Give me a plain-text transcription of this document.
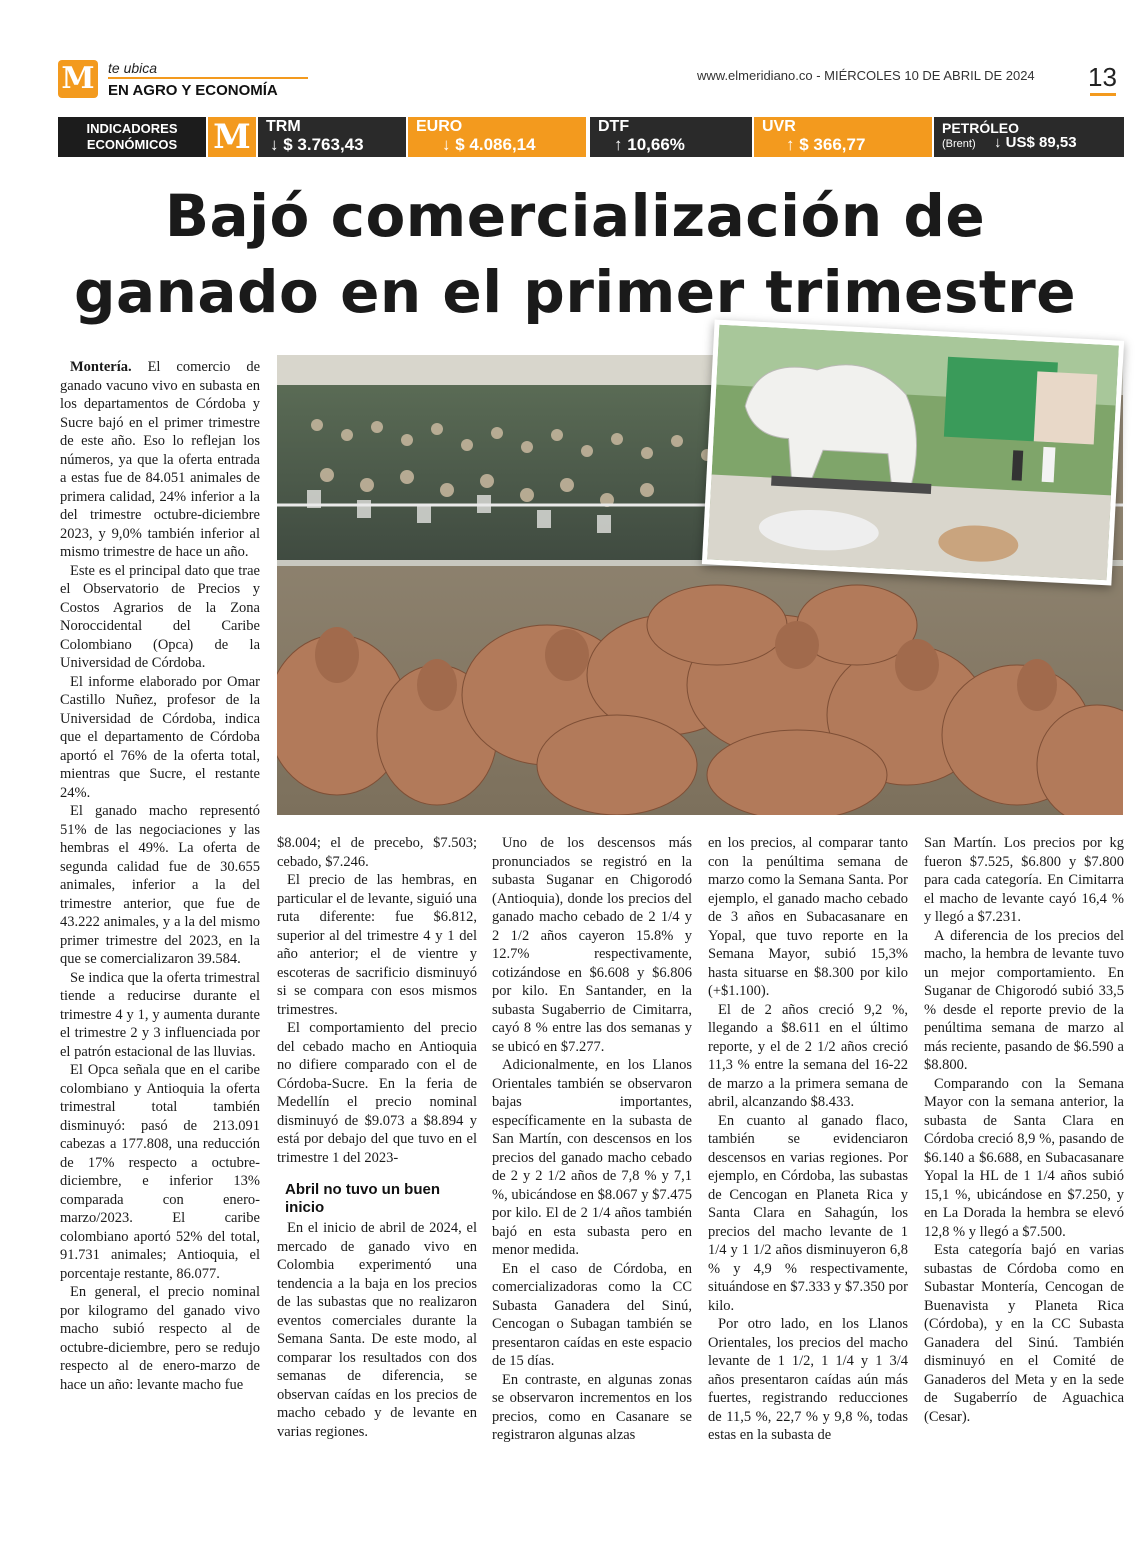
M te ubica
EN AGRO Y ECONOMÍA
www.elmeridiano.co - MIÉRCOLES 10 DE ABRIL DE 2024 13
INDICADORES ECONÓMICOS	M TRM
↓ $ 3.763,43
EURO
↓ $ 4.086,14
DTF
↑ 10,66%
UVR
↑ $ 366,77
PETRÓLEO
(Brent) ↓ US$ 89,53
Bajó comercialización de ganado en el primer trimestre

Montería. El comercio de ganado vacuno vivo en subasta en los departamentos de Córdoba y Sucre bajó en el primer trimestre de este año. Eso lo reflejan los números, ya que la oferta entrada a estas fue de 84.051 animales de primera calidad, 24% inferior a la del trimestre octubre-diciembre 2023, y 9,0% también inferior al mismo trimestre de hace un año.

Este es el principal dato que trae el Observatorio de Precios y Costos Agrarios de la Zona Noroccidental del Caribe Colombiano (Opca) de la Universidad de Córdoba.

El informe elaborado por Omar Castillo Nuñez, profesor de la Universidad de Córdoba, indica que el departamento de Córdoba aportó el 76% de la oferta total, mientras que Sucre, el restante 24%.

El ganado macho representó 51% de las negociaciones y las hembras el 49%. La oferta de segunda calidad fue de 30.655 animales, inferior a la del trimestre anterior, que fue de 43.222 animales, y a la del mismo primer trimestre del 2023, en la que se comercializaron 39.584.

Se indica que la oferta trimestral tiende a reducirse durante el trimestre 4 y 1, y aumenta durante el trimestre 2 y 3 influenciada por el patrón estacional de las lluvias.

El Opca señala que en el caribe colombiano y Antioquia la oferta trimestral total también disminuyó: pasó de 213.091 cabezas a 177.808, una reducción de 17% respecto a octubre-diciembre, e inferior 13% comparada con enero-marzo/2023. El caribe colombiano aportó 52% del total, 91.731 animales; Antioquia, el porcentaje restante, 86.077.

En general, el precio nominal por kilogramo del ganado vivo macho subió respecto al de octubre-diciembre, pero se redujo respecto al de enero-marzo de hace un año: levante macho fue

$8.004; el de precebo, $7.503; cebado, $7.246.

El precio de las hembras, en particular el de levante, siguió una ruta diferente: fue $6.812, superior al del trimestre 4 y 1 del año anterior; el de vientre y escoteras de sacrificio disminuyó si se compara con esos mismos trimestres.

El comportamiento del precio del cebado macho en Antioquia no difiere comparado con el de Córdoba-Sucre. En la feria de Medellín el precio nominal disminuyó de $9.073 a $8.894 y está por debajo del que tuvo en el trimestre 1 del 2023-

Abril no tuvo un buen inicio

En el inicio de abril de 2024, el mercado de ganado vivo en Colombia experimentó una tendencia a la baja en los precios de las subastas que no realizaron eventos comerciales durante la Semana Santa. De este modo, al comparar los resultados con dos semanas de diferencia, se observan caídas en los precios de macho cebado y de levante en varias regiones.

Uno de los descensos más pronunciados se registró en la subasta Suganar en Chigorodó (Antioquia), donde los precios del ganado macho cebado de 2 1/4 y 2 1/2 años cayeron 15.8% y 12.7% respectivamente, cotizándose en $6.608 y $6.806 por kilo. En Santander, en la subasta Sugaberrio de Cimitarra, cayó 8 % entre las dos semanas y se ubicó en $7.277.

Adicionalmente, en los Llanos Orientales también se observaron bajas importantes, específicamente en la subasta de San Martín, con descensos en los precios del ganado macho cebado de 2 y 2 1/2 años de 7,8 % y 7,1 %, ubicándose en $8.067 y $7.475 por kilo. El de 2 1/4 años también bajó en esta subasta pero en menor medida.

En el caso de Córdoba, en comercializadoras como la CC Subasta Ganadera del Sinú, Cencogan o Subagan también se presentaron caídas en este espacio de 15 días.

En contraste, en algunas zonas se observaron incrementos en los precios, como en Casanare se registraron algunas alzas

en los precios, al comparar tanto con la penúltima semana de marzo como la Semana Santa. Por ejemplo, el ganado macho cebado de 3 años en Subacasanare en Yopal, que tuvo reporte en la Semana Mayor, subió 15,3% hasta situarse en $8.300 por kilo (+$1.100).

El de 2 años creció 9,2 %, llegando a $8.611 en el último reporte, y el de 2 1/2 años creció 11,3 % entre la semana del 16-22 de marzo a la primera semana de abril, alcanzando $8.433.

En cuanto al ganado flaco, también se evidenciaron descensos en varias regiones. Por ejemplo, en Córdoba, las subastas de Cencogan en Planeta Rica y Santa Clara en Sahagún, los precios del macho levante de 1 1/4 y 1 1/2 años disminuyeron 6,8 % y 4,9 % respectivamente, situándose en $7.333 y $7.350 por kilo.

Por otro lado, en los Llanos Orientales, los precios del macho levante de 1 1/2, 1 1/4 y 1 3/4 años presentaron caídas aún más fuertes, registrando reducciones de 11,5 %, 22,7 % y 9,8 %, todas estas en la subasta de

San Martín. Los precios por kg fueron $7.525, $6.800 y $7.800 para cada categoría. En Cimitarra el macho de levante cayó 16,4 % y llegó a $7.231.

A diferencia de los precios del macho, la hembra de levante tuvo un mejor comportamiento. En Suganar de Chigorodó subió 33,5 % desde el reporte previo de la penúltima semana de marzo al más reciente, pasando de $6.590 a $8.800.

Comparando con la Semana Mayor con la semana anterior, la subasta de Santa Clara en Córdoba creció 8,9 %, pasando de $6.140 a $6.688, en Subacasanare Yopal la HL de 1 1/4 años subió 15,1 %, ubicándose en $7.250, y en La Dorada la hembra se elevó 12,8 % y llegó a $7.500.

Esta categoría bajó en varias subastas de Córdoba como en Subastar Montería, Cencogan de Buenavista y Planeta Rica (Córdoba), y en la CC Subasta Ganadera del Sinú. También disminuyó en el Comité de Ganaderos del Meta y en la sede de Sugaberrío de Aguachica (Cesar).
